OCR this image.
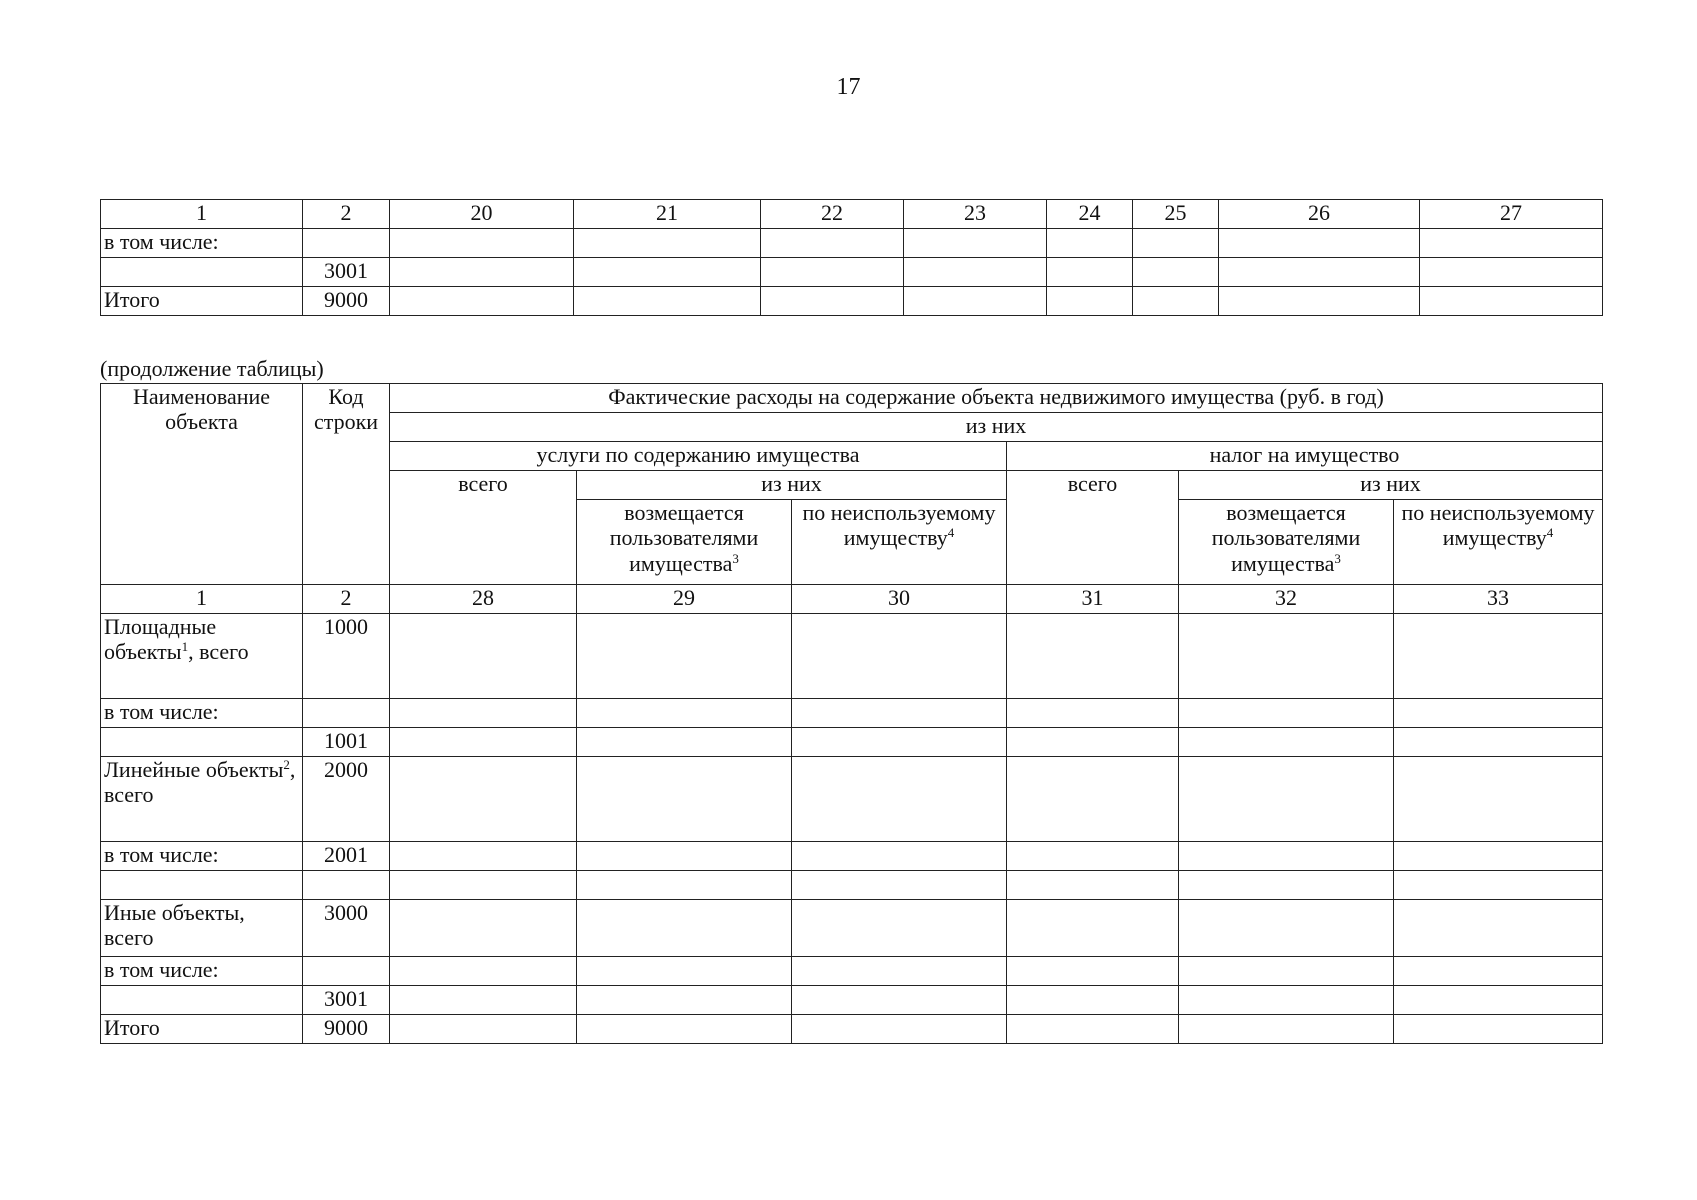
17
1	2	20	21	22	23	24	25	26	27
в том числе:									
	3001								
Итого	9000								
(продолжение таблицы)
Наименование объекта	Код строки	Фактические расходы на содержание объекта недвижимого имущества (руб. в год)					
		из них					
		услуги по содержанию имущества			налог на имущество		
		всего	из них		всего	из них	
			возмещается пользователями имущества$^3$	по неиспользуемому имуществу$^4$		возмещается пользователями имущества$^3$	по неиспользуемому имуществу$^4$
1	2	28	29	30	31	32	33
Площадные объекты$^1$, всего	1000						
в том числе:							
	1001						
Линейные объекты$^2$, всего	2000						
в том числе:	2001						

Иные объекты, всего	3000						
в том числе:							
	3001						
Итого	9000						
